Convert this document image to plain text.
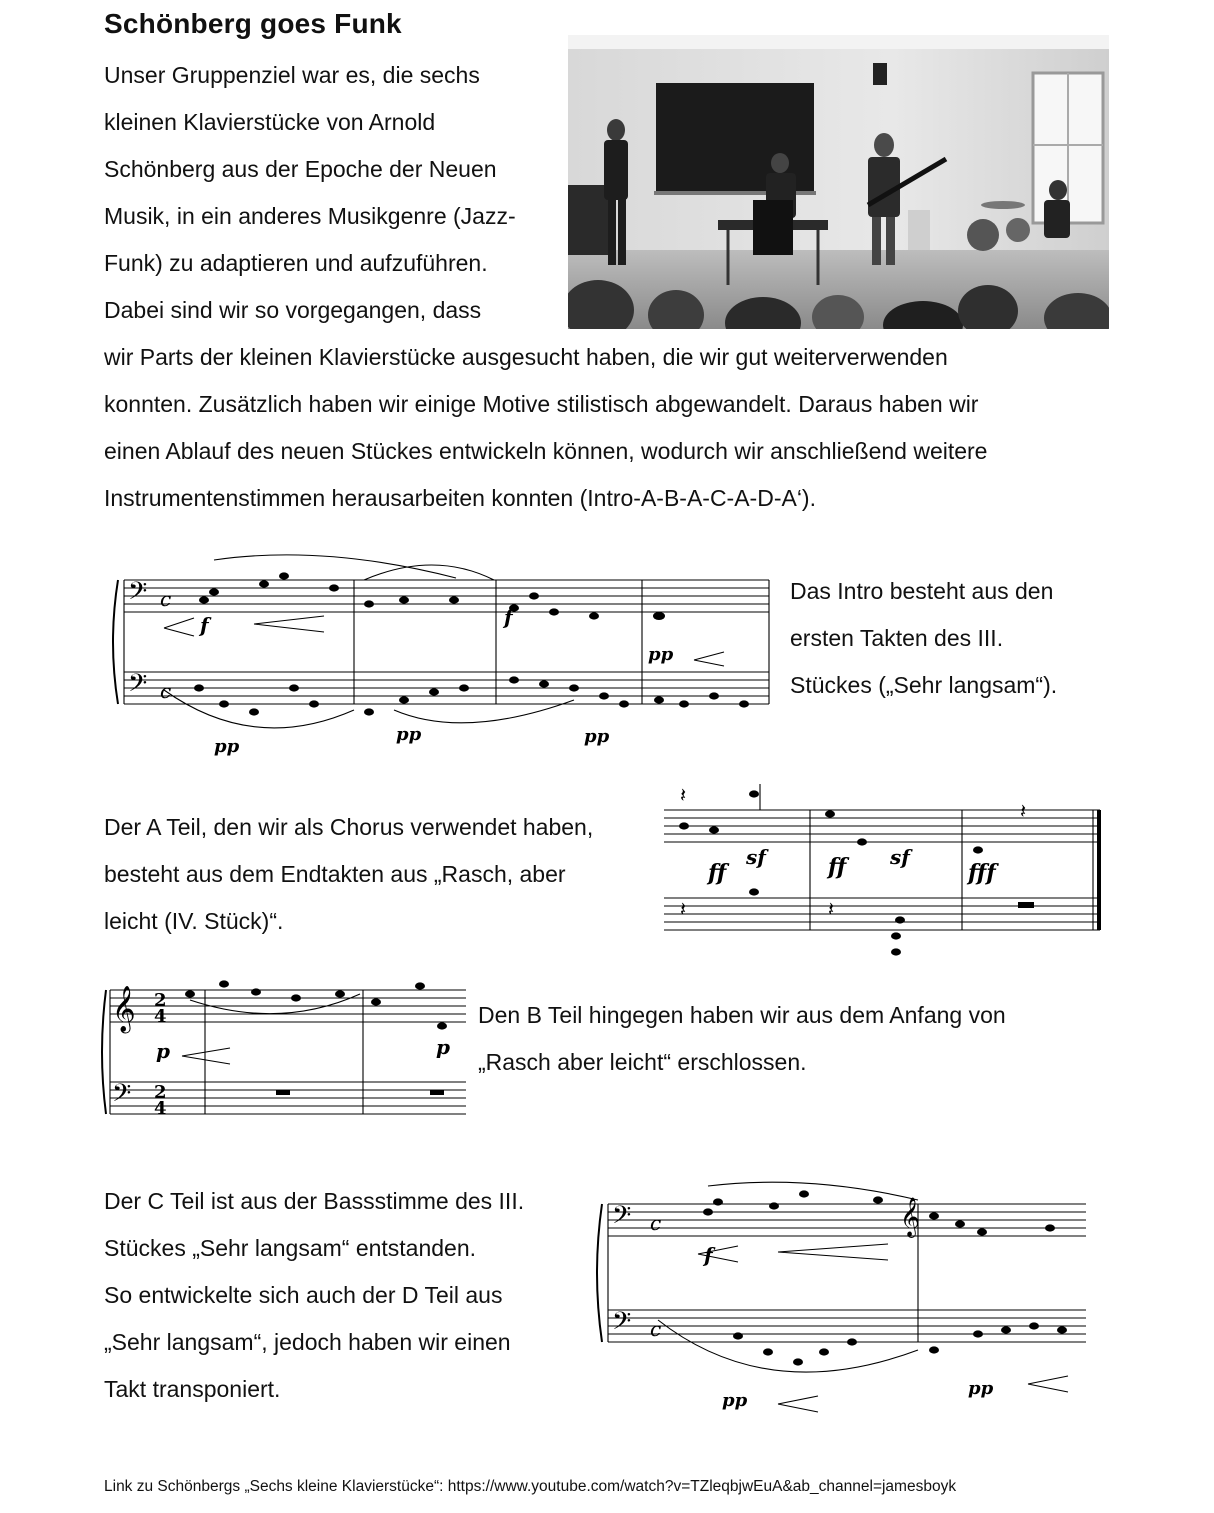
Schönberg goes Funk
Unser Gruppenziel war es, die sechs
kleinen Klavierstücke von Arnold
Schönberg aus der Epoche der Neuen
Musik, in ein anderes Musikgenre (Jazz-
Funk) zu adaptieren und aufzuführen.
Dabei sind wir so vorgegangen, dass
wir Parts der kleinen Klavierstücke ausgesucht haben, die wir gut weiterverwenden
konnten. Zusätzlich haben wir einige Motive stilistisch abgewandelt. Daraus haben wir
einen Ablauf des neuen Stückes entwickeln können, wodurch wir anschließend weitere
Instrumentenstimmen herausarbeiten konnten (Intro-A-B-A-C-A-D-A‘).
𝄢
𝄢
c
c
f	f
pp
pp
pp	pp
Das Intro besteht aus den
ersten Takten des III.
Stückes („Sehr langsam“).
Der A Teil, den wir als Chorus verwendet haben,
besteht aus dem Endtakten aus „Rasch, aber
leicht (IV. Stück)“.
𝄽
𝄽	𝄽
𝄽
ff
sf	ff sf
fff
𝄞
𝄢
2
4
2
4
p	p
Den B Teil hingegen haben wir aus dem Anfang von
„Rasch aber leicht“ erschlossen.
Der C Teil ist aus der Bassstimme des III.
Stückes „Sehr langsam“ entstanden.
So entwickelte sich auch der D Teil aus
„Sehr langsam“, jedoch haben wir einen
Takt transponiert.
𝄢
𝄢
c
c
𝄞
f
pp
pp
Link zu Schönbergs „Sechs kleine Klavierstücke“: https://www.youtube.com/watch?v=TZleqbjwEuA&ab_channel=jamesboyk
